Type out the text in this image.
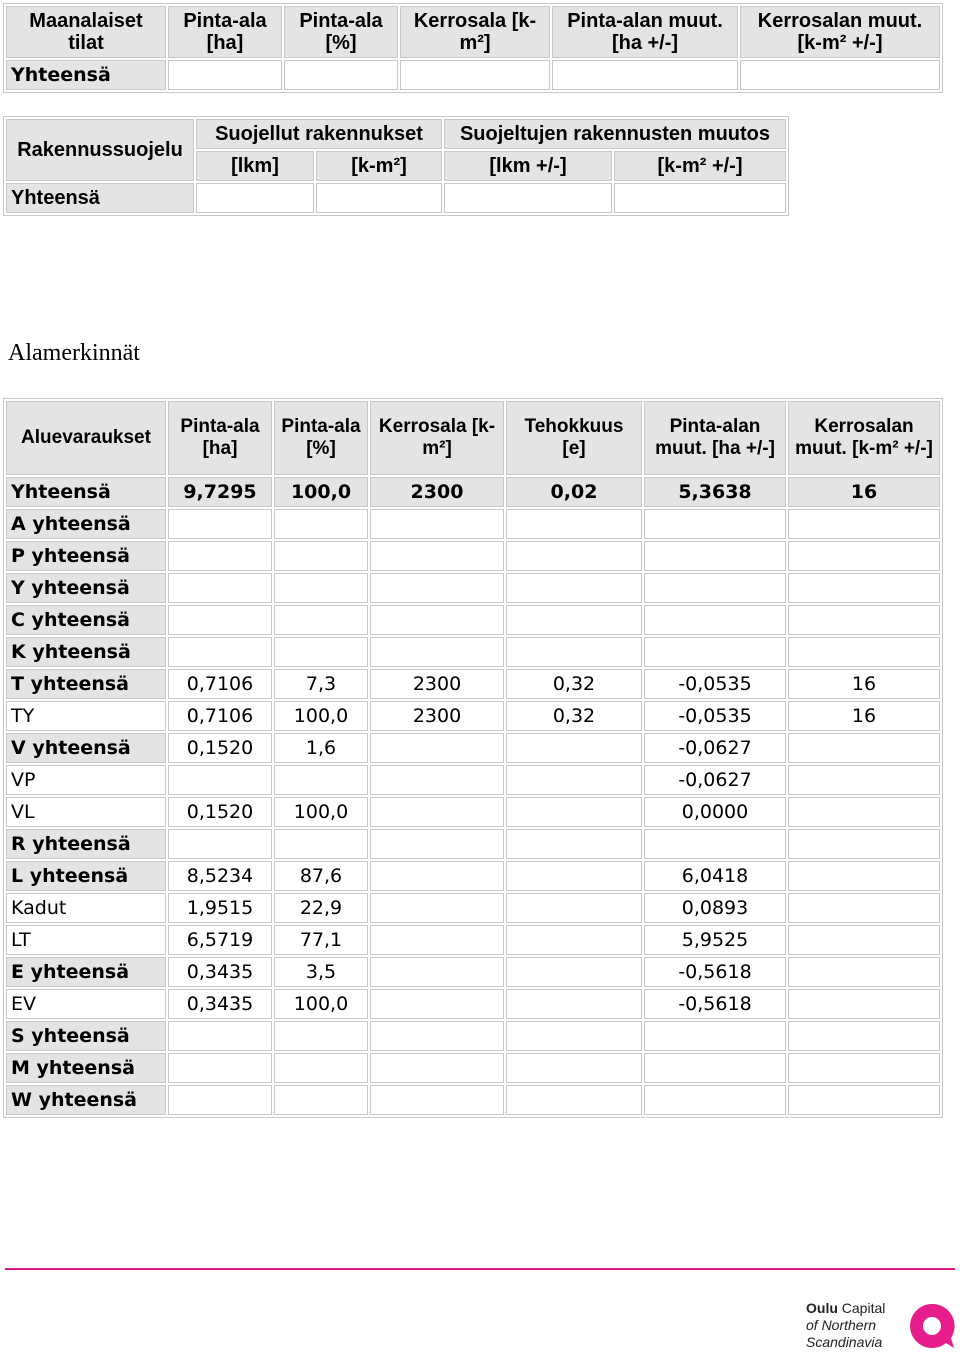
Maanalaiset tilat	Pinta-ala [ha]	Pinta-ala [%]	Kerrosala [k-m²]	Pinta-alan muut. [ha +/-]	Kerrosalan muut. [k-m² +/-]
Yhteensä					
Rakennussuojelu	Suojellut rakennukset		Suojeltujen rakennusten muutos	
	[lkm]	[k-m²]	[lkm +/-]	[k-m² +/-]
Yhteensä				
Alamerkinnät
Aluevaraukset	Pinta-ala [ha]	Pinta-ala [%]	Kerrosala [k-m²]	Tehokkuus [e]	Pinta-alan muut. [ha +/-]	Kerrosalan muut. [k-m² +/-]
Yhteensä	9,7295	100,0	2300	0,02	5,3638	16
A yhteensä						
P yhteensä						
Y yhteensä						
C yhteensä						
K yhteensä						
T yhteensä	0,7106	7,3	2300	0,32	-0,0535	16
TY	0,7106	100,0	2300	0,32	-0,0535	16
V yhteensä	0,1520	1,6			-0,0627	
VP					-0,0627	
VL	0,1520	100,0			0,0000	
R yhteensä						
L yhteensä	8,5234	87,6			6,0418	
Kadut	1,9515	22,9			0,0893	
LT	6,5719	77,1			5,9525	
E yhteensä	0,3435	3,5			-0,5618	
EV	0,3435	100,0			-0,5618	
S yhteensä						
M yhteensä						
W yhteensä						
Oulu Capital
of Northern
Scandinavia
